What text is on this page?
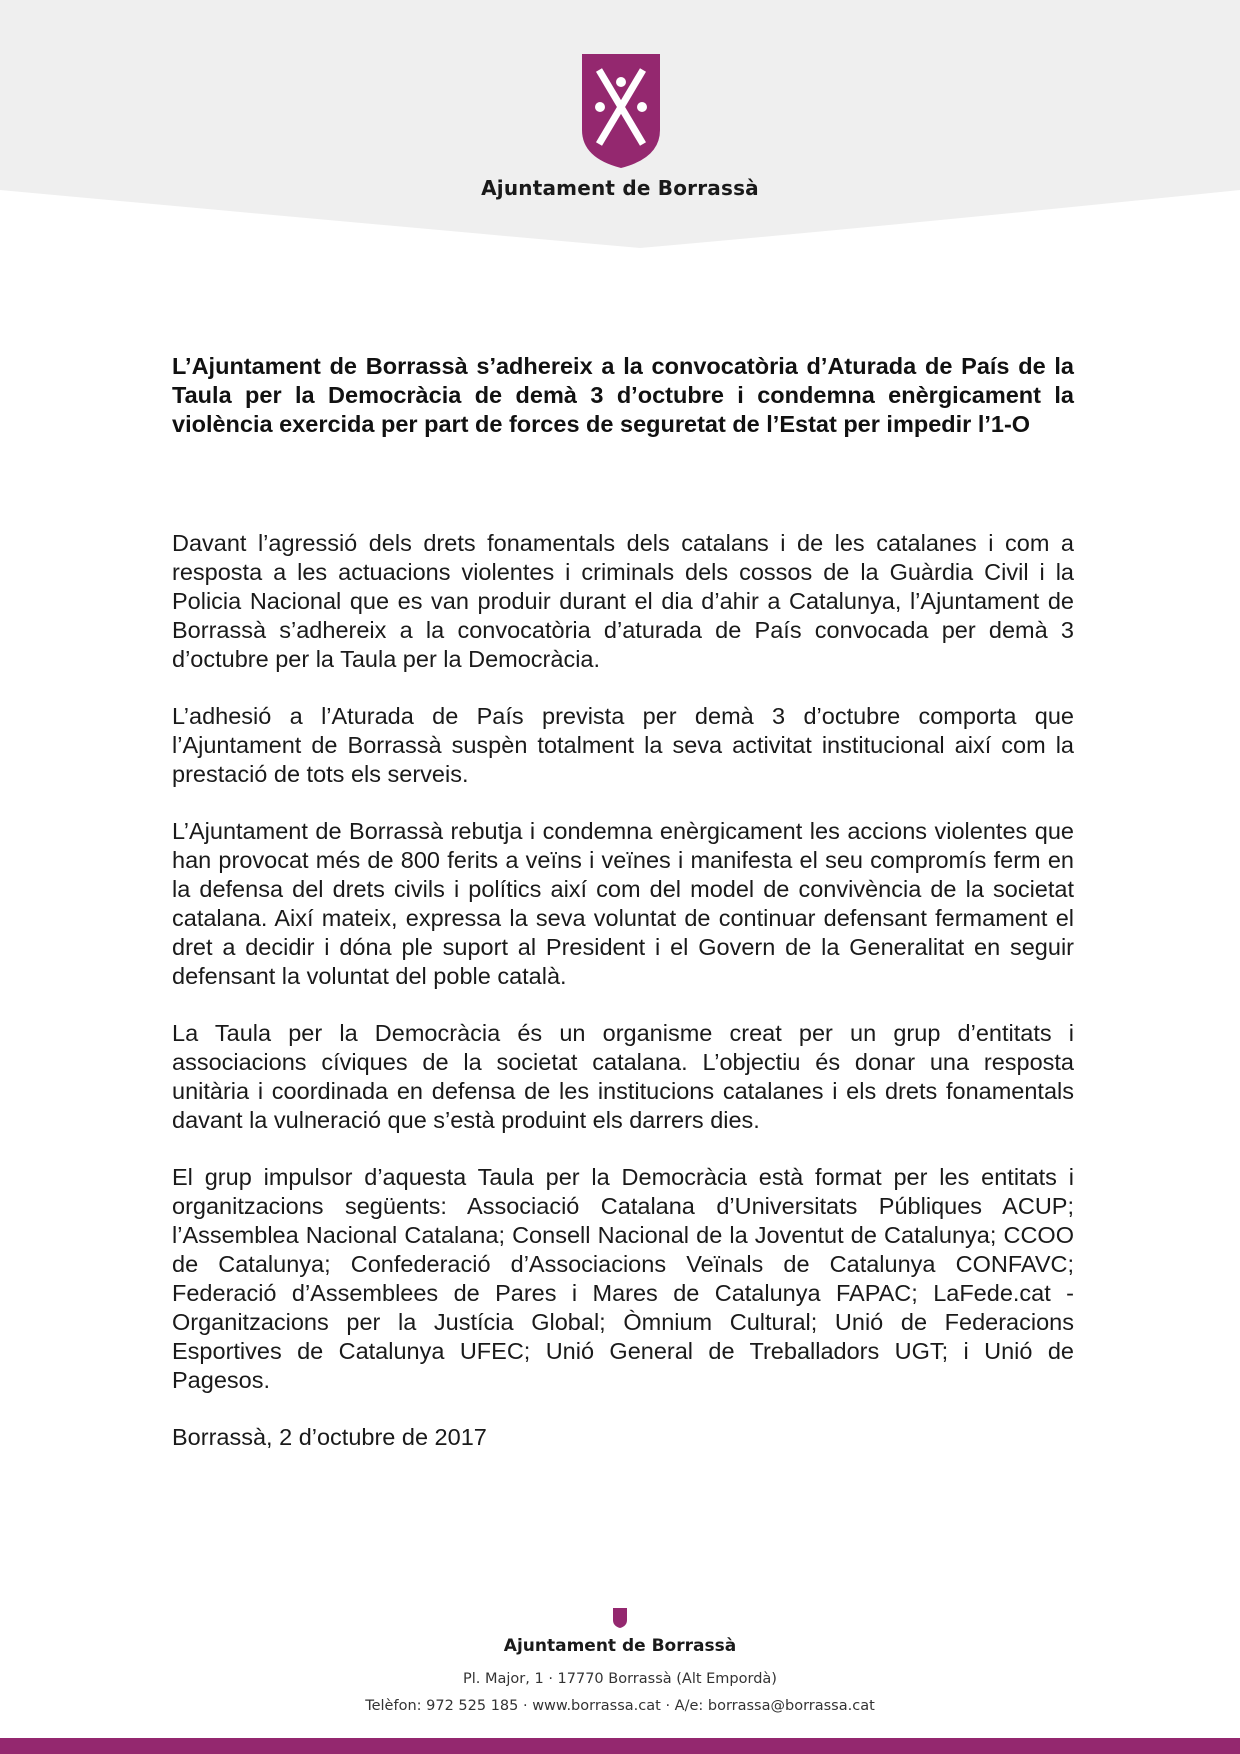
Ajuntament de Borrassà
L’Ajuntament de Borrassà s’adhereix a la convocatòria d’Aturada de País de la Taula per la Democràcia de demà 3 d’octubre i condemna enèrgicament la violència exercida per part de forces de seguretat de l’Estat per impedir l’1-O

Davant l’agressió dels drets fonamentals dels catalans i de les catalanes i com a resposta a les actuacions violentes i criminals dels cossos de la Guàrdia Civil i la Policia Nacional que es van produir durant el dia d’ahir a Catalunya, l’Ajuntament de Borrassà s’adhereix a la convocatòria d’aturada de País convocada per demà 3 d’octubre per la Taula per la Democràcia.

L’adhesió a l’Aturada de País prevista per demà 3 d’octubre comporta que l’Ajuntament de Borrassà suspèn totalment la seva activitat institucional així com la prestació de tots els serveis.

L’Ajuntament de Borrassà rebutja i condemna enèrgicament les accions violentes que han provocat més de 800 ferits a veïns i veïnes i manifesta el seu compromís ferm en la defensa del drets civils i polítics així com del model de convivència de la societat catalana. Així mateix, expressa la seva voluntat de continuar defensant fermament el dret a decidir i dóna ple suport al President i el Govern de la Generalitat en seguir defensant la voluntat del poble català.

La Taula per la Democràcia és un organisme creat per un grup d’entitats i associacions cíviques de la societat catalana. L’objectiu és donar una resposta unitària i coordinada en defensa de les institucions catalanes i els drets fonamentals davant la vulneració que s’està produint els darrers dies.

El grup impulsor d’aquesta Taula per la Democràcia està format per les entitats i organitzacions següents: Associació Catalana d’Universitats Públiques ACUP; l’Assemblea Nacional Catalana; Consell Nacional de la Joventut de Catalunya; CCOO de Catalunya; Confederació d’Associacions Veïnals de Catalunya CONFAVC; Federació d’Assemblees de Pares i Mares de Catalunya FAPAC; LaFede.cat - Organitzacions per la Justícia Global; Òmnium Cultural; Unió de Federacions Esportives de Catalunya UFEC; Unió General de Treballadors UGT; i Unió de Pagesos.

Borrassà, 2 d’octubre de 2017

Ajuntament de Borrassà
Pl. Major, 1 · 17770 Borrassà (Alt Empordà)
Telèfon: 972 525 185 · www.borrassa.cat · A/e: borrassa@borrassa.cat
